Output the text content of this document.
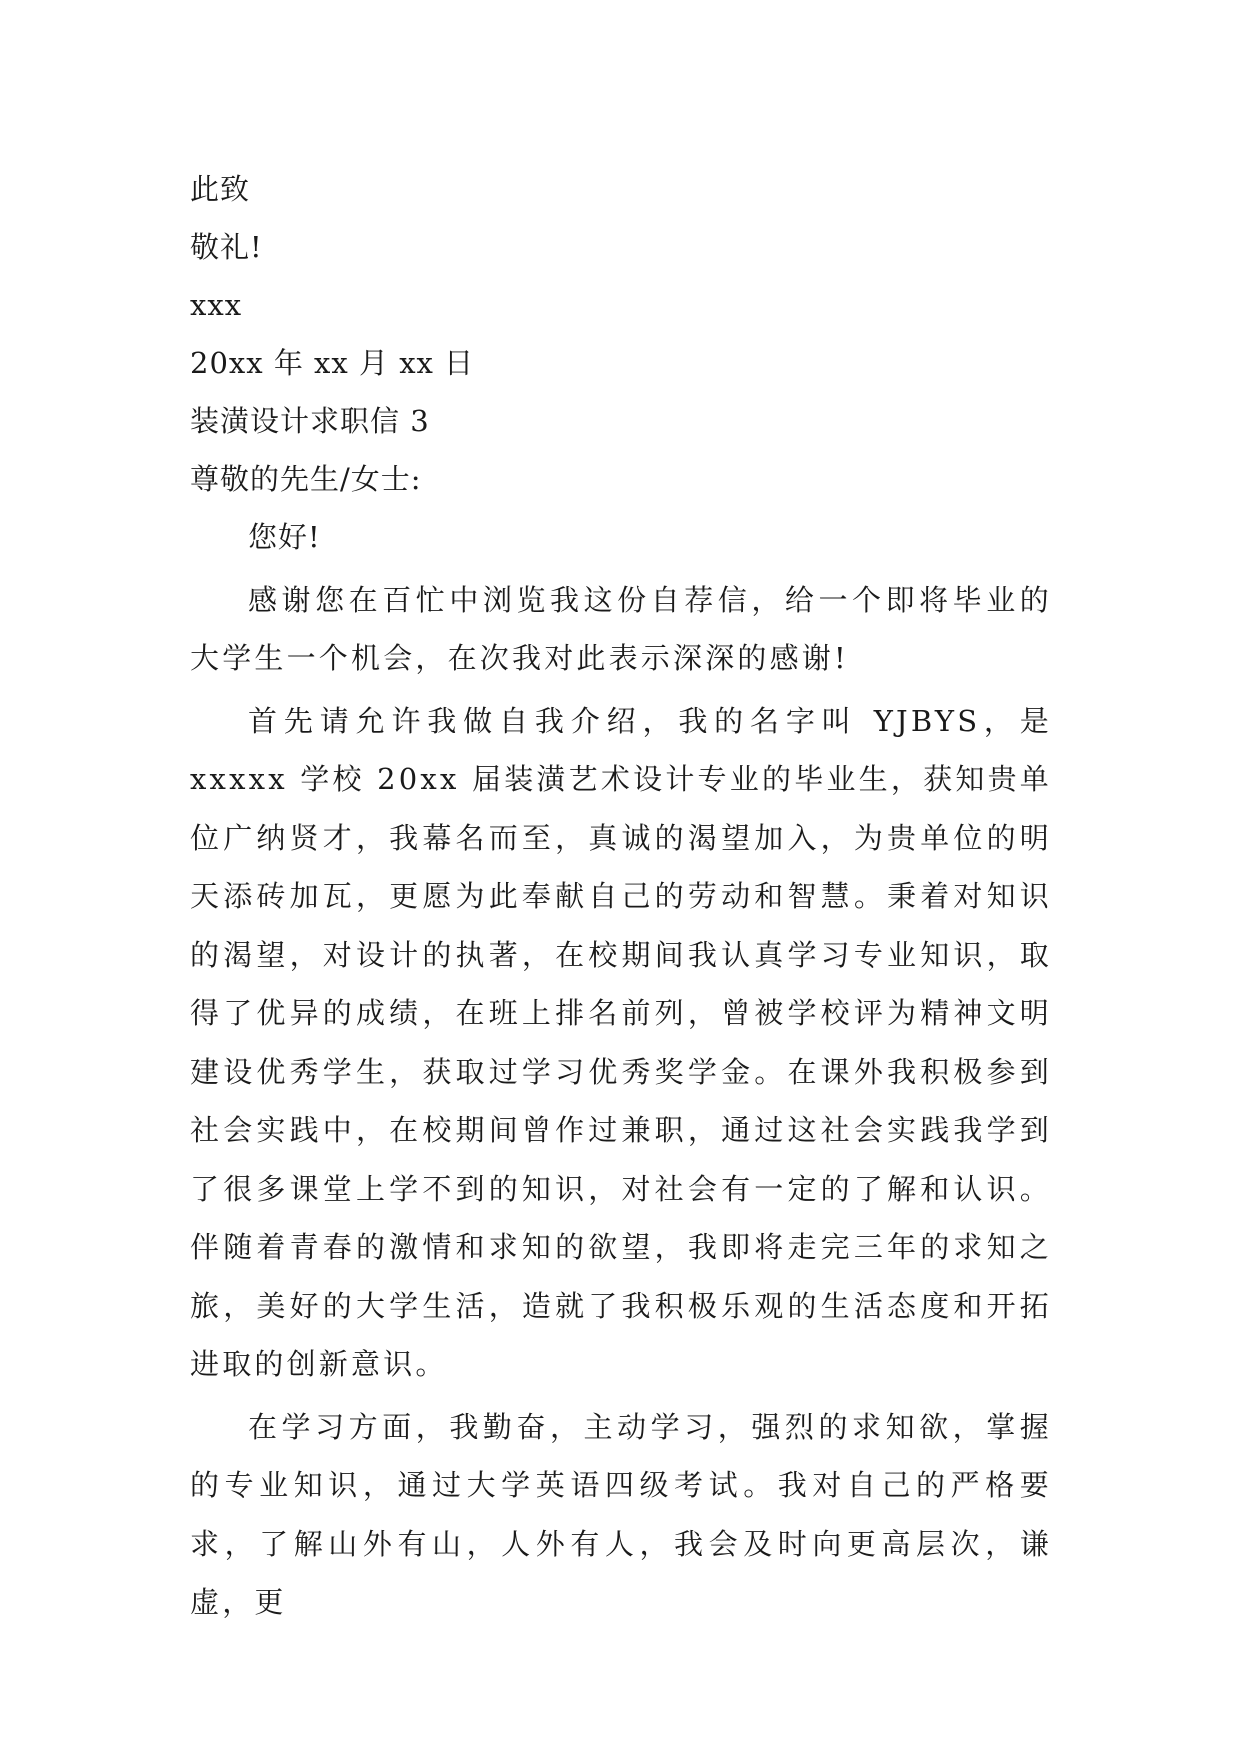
此致
敬礼!
xxx
20xx 年 xx 月 xx 日
装潢设计求职信 3
尊敬的先生/女士:

您好!

感谢您在百忙中浏览我这份自荐信，给一个即将毕业的大学生一个机会，在次我对此表示深深的感谢!

首先请允许我做自我介绍，我的名字叫 YJBYS，是 xxxxx 学校 20xx 届装潢艺术设计专业的毕业生，获知贵单位广纳贤才，我幕名而至，真诚的渴望加入，为贵单位的明天添砖加瓦，更愿为此奉献自己的劳动和智慧。秉着对知识的渴望，对设计的执著，在校期间我认真学习专业知识，取得了优异的成绩，在班上排名前列，曾被学校评为精神文明建设优秀学生，获取过学习优秀奖学金。在课外我积极参到社会实践中，在校期间曾作过兼职，通过这社会实践我学到了很多课堂上学不到的知识，对社会有一定的了解和认识。伴随着青春的激情和求知的欲望，我即将走完三年的求知之旅，美好的大学生活，造就了我积极乐观的生活态度和开拓进取的创新意识。

在学习方面，我勤奋，主动学习，强烈的求知欲，掌握的专业知识，通过大学英语四级考试。我对自己的严格要求，了解山外有山，人外有人，我会及时向更高层次，谦虚，更
